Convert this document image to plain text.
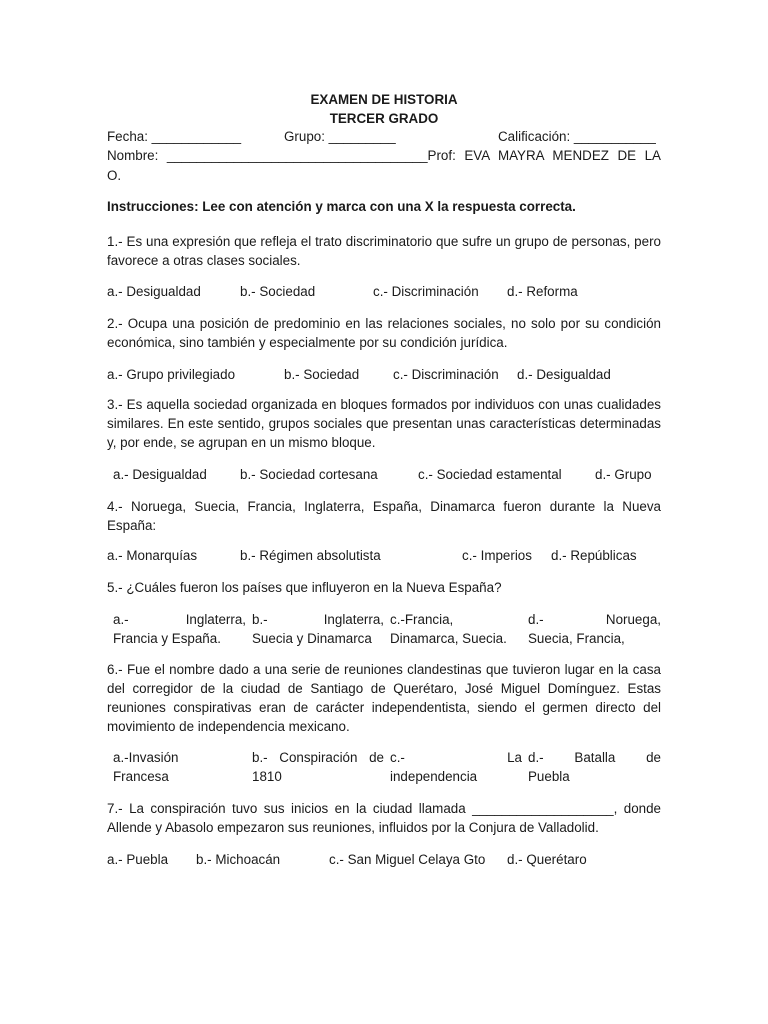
EXAMEN DE HISTORIA
TERCER GRADO
Fecha: ____________	Grupo: _________	Calificación: ___________
Nombre: ___________________________________Prof: EVA MAYRA MENDEZ DE LA
O.
Instrucciones: Lee con atención y marca con una X la respuesta correcta.
1.- Es una expresión que refleja el trato discriminatorio que sufre un grupo de personas, pero favorece a otras clases sociales.
a.- Desigualdad	b.- Sociedad	c.- Discriminación d.- Reforma
2.- Ocupa una posición de predominio en las relaciones sociales, no solo por su condición económica, sino también y especialmente por su condición jurídica.
a.- Grupo privilegiado	b.- Sociedad	c.- Discriminación d.- Desigualdad
3.- Es aquella sociedad organizada en bloques formados por individuos con unas cualidades similares. En este sentido, grupos sociales que presentan unas características determinadas y, por ende, se agrupan en un mismo bloque.
a.- Desigualdad b.- Sociedad cortesana	c.- Sociedad estamental d.- Grupo
4.- Noruega, Suecia, Francia, Inglaterra, España, Dinamarca fueron durante la Nueva España:
a.- Monarquías	b.- Régimen absolutista	c.- Imperios d.- Repúblicas
5.- ¿Cuáles fueron los países que influyeron en la Nueva España?
a.- Inglaterra,
Francia y España.
b.- Inglaterra,
Suecia y Dinamarca
c.-Francia,
Dinamarca, Suecia.
d.- Noruega,
Suecia, Francia,
6.- Fue el nombre dado a una serie de reuniones clandestinas que tuvieron lugar en la casa del corregidor de la ciudad de Santiago de Querétaro, José Miguel Domínguez. Estas reuniones conspirativas eran de carácter independentista, siendo el germen directo del movimiento de independencia mexicano.
a.-Invasión
Francesa
b.- Conspiración de
1810
c.- La
independencia
d.- Batalla de
Puebla
7.- La conspiración tuvo sus inicios en la ciudad llamada ___________________, donde Allende y Abasolo empezaron sus reuniones, influidos por la Conjura de Valladolid.
a.- Puebla b.- Michoacán	c.- San Miguel Celaya Gto d.- Querétaro
